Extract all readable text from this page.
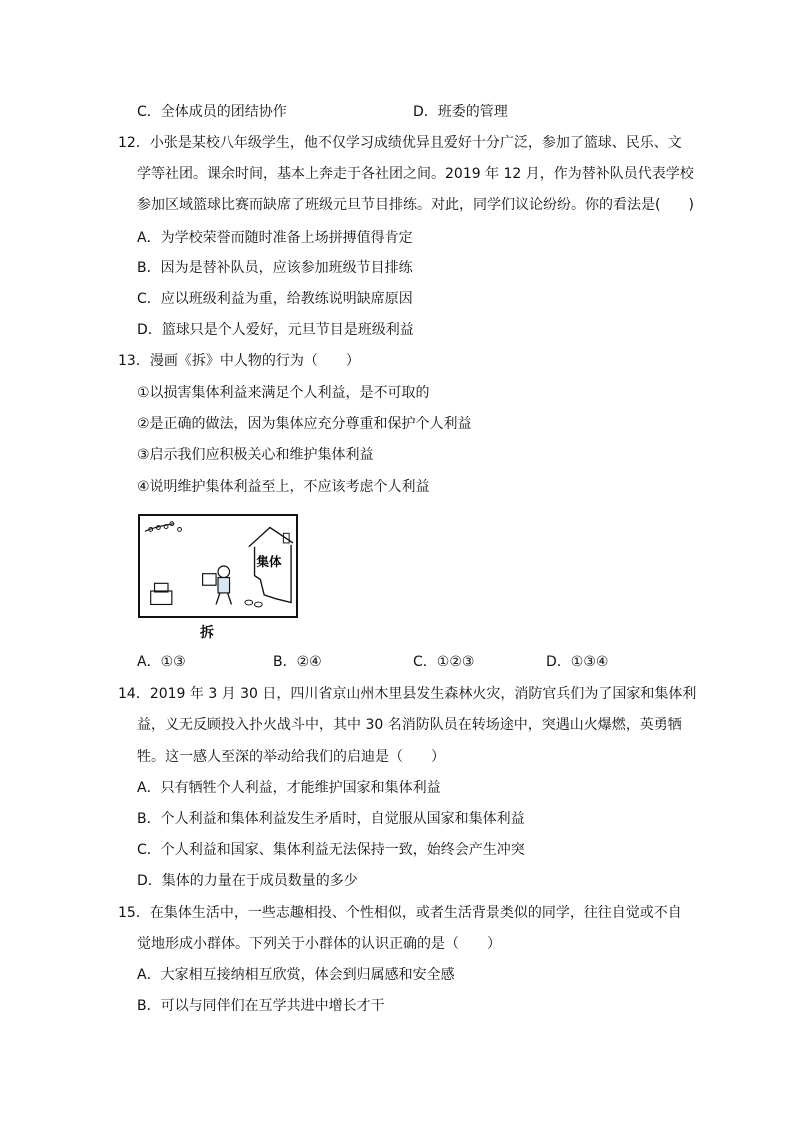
C．全体成员的团结协作	D．班委的管理
12．小张是某校八年级学生，他不仅学习成绩优异且爱好十分广泛，参加了篮球、民乐、文
学等社团。课余时间，基本上奔走于各社团之间。2019 年 12 月，作为替补队员代表学校
参加区域篮球比赛而缺席了班级元旦节目排练。对此，同学们议论纷纷。你的看法是(　　)
A．为学校荣誉而随时准备上场拼搏值得肯定
B．因为是替补队员，应该参加班级节目排练
C．应以班级利益为重，给教练说明缺席原因
D．篮球只是个人爱好，元旦节目是班级利益
13．漫画《拆》中人物的行为（　　）
①以损害集体利益来满足个人利益，是不可取的
②是正确的做法，因为集体应充分尊重和保护个人利益
③启示我们应积极关心和维护集体利益
④说明维护集体利益至上，不应该考虑个人利益
集体
拆
A．①③	B．②④	C．①②③	D．①③④
14．2019 年 3 月 30 日，四川省京山州木里县发生森林火灾，消防官兵们为了国家和集体利
益，义无反顾投入扑火战斗中，其中 30 名消防队员在转场途中，突遇山火爆燃，英勇牺
牲。这一感人至深的举动给我们的启迪是（　　）
A．只有牺牲个人利益，才能维护国家和集体利益
B．个人利益和集体利益发生矛盾时，自觉服从国家和集体利益
C．个人利益和国家、集体利益无法保持一致，始终会产生冲突
D．集体的力量在于成员数量的多少
15．在集体生活中，一些志趣相投、个性相似，或者生活背景类似的同学，往往自觉或不自
觉地形成小群体。下列关于小群体的认识正确的是（　　）
A．大家相互接纳相互欣赏，体会到归属感和安全感
B．可以与同伴们在互学共进中增长才干
